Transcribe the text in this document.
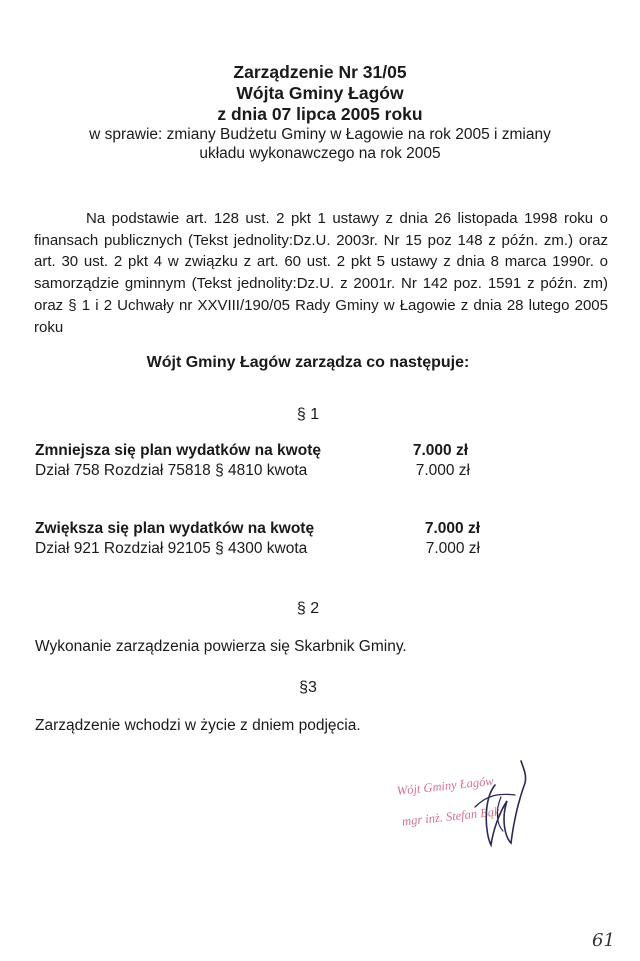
Zarządzenie Nr 31/05
Wójta Gminy Łagów
z dnia 07 lipca 2005 roku
w sprawie: zmiany Budżetu Gminy w Łagowie na rok 2005 i zmiany
układu wykonawczego na rok 2005
Na podstawie art. 128 ust. 2 pkt 1 ustawy z dnia 26 listopada 1998 roku o finansach publicznych (Tekst jednolity:Dz.U. 2003r. Nr 15 poz 148 z późn. zm.) oraz art. 30 ust. 2 pkt 4 w związku z art. 60 ust. 2 pkt 5 ustawy z dnia 8 marca 1990r. o samorządzie gminnym (Tekst jednolity:Dz.U. z 2001r. Nr 142 poz. 1591 z późn. zm) oraz § 1 i 2 Uchwały nr XXVIII/190/05 Rady Gminy w Łagowie z dnia 28 lutego 2005 roku
Wójt Gminy Łagów zarządza co następuje:
§ 1
Zmniejsza się plan wydatków na kwotę	7.000 zł
Dział 758 Rozdział 75818 § 4810 kwota	7.000 zł
Zwiększa się plan wydatków na kwotę	7.000 zł
Dział 921 Rozdział 92105 § 4300 kwota	7.000 zł
§ 2
Wykonanie zarządzenia powierza się Skarbnik Gminy.
§3
Zarządzenie wchodzi w życie z dniem podjęcia.
Wójt Gminy Łagów
mgr inż. Stefan Bąk
61
